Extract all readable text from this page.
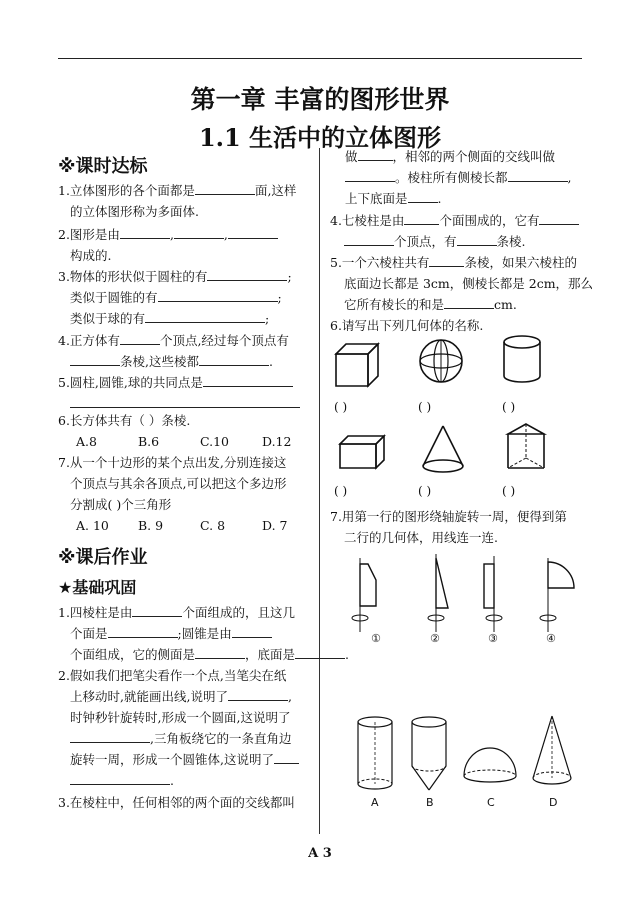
第一章 丰富的图形世界
1.1 生活中的立体图形
※课时达标
1.立体图形的各个面都是	面,这样
的立体图形称为多面体.
2.图形是由	,	,
构成的.
3.物体的形状似于圆柱的有	;
类似于圆锥的有	;
类似于球的有	;
4.正方体有	个顶点,经过每个顶点有
条棱,这些棱都	.
5.圆柱,圆锥,球的共同点是
6.长方体共有（ ）条棱.
A.8	B.6	C.10	D.12
7.从一个十边形的某个点出发,分别连接这
个顶点与其余各顶点,可以把这个多边形
分割成( )个三角形
A. 10 B. 9	C. 8	D. 7
※课后作业
★基础巩固
1.四棱柱是由	个面组成的，且这几
个面是	;圆锥是由
个面组成，它的侧面是	，底面是	.
2.假如我们把笔尖看作一个点,当笔尖在纸
上移动时,就能画出线,说明了	,
时钟秒针旋转时,形成一个圆面,这说明了
,三角板绕它的一条直角边
旋转一周，形成一个圆锥体,这说明了
.
3.在棱柱中，任何相邻的两个面的交线都叫
做	，相邻的两个侧面的交线叫做
。棱柱所有侧棱长都	,
上下底面是 .
4.七棱柱是由	个面围成的，它有
个顶点，有	条棱.
5.一个六棱柱共有	条棱，如果六棱柱的
底面边长都是 3cm，侧棱长都是 2cm，那么
它所有棱长的和是	cm.
6.请写出下列几何体的名称.
( )	( )	( )
( )	( )	( )
7.用第一行的图形绕轴旋转一周，便得到第
二行的几何体，用线连一连.
①	②	③	④
A	B	C	D
A 3
